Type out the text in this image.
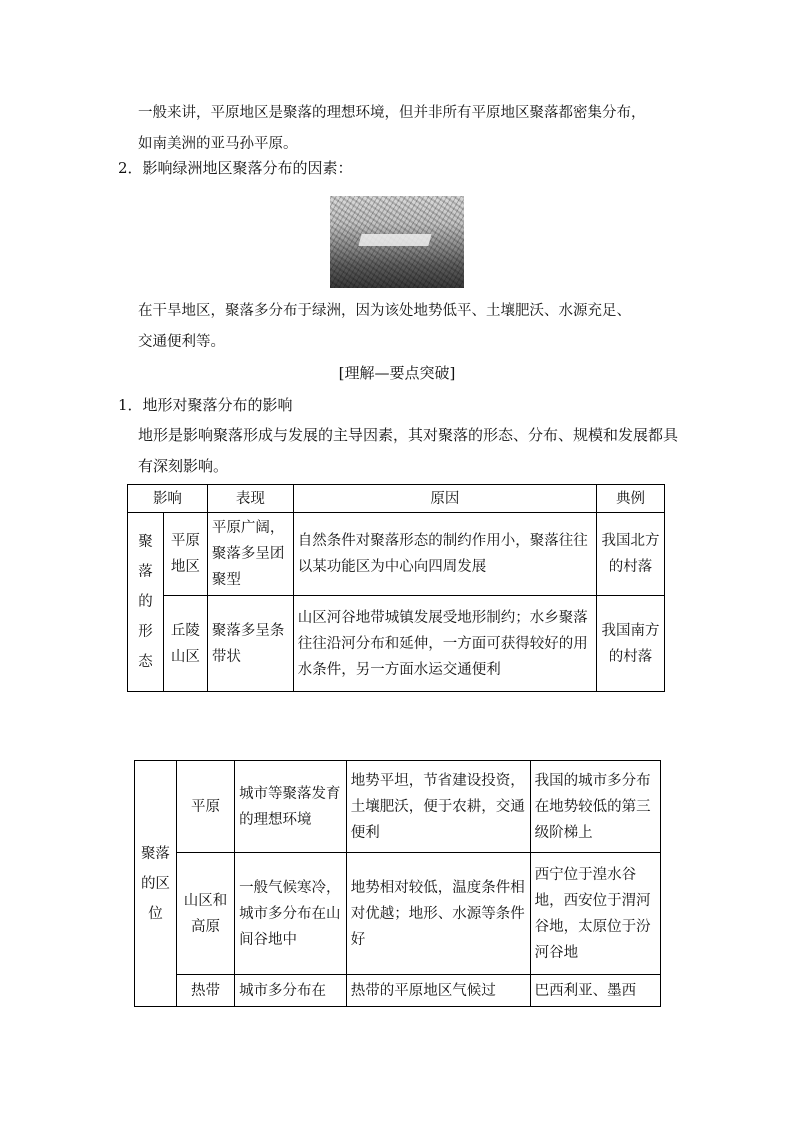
一般来讲，平原地区是聚落的理想环境，但并非所有平原地区聚落都密集分布，
如南美洲的亚马孙平原。
2．影响绿洲地区聚落分布的因素：
在干旱地区，聚落多分布于绿洲，因为该处地势低平、土壤肥沃、水源充足、
交通便利等。
[理解—要点突破]
1．地形对聚落分布的影响
地形是影响聚落形成与发展的主导因素，其对聚落的形态、分布、规模和发展都具有深刻影响。
影响		表现	原因	典例
聚落的形态	平原地区	平原广阔，聚落多呈团聚型	自然条件对聚落形态的制约作用小，聚落往往以某功能区为中心向四周发展	我国北方的村落
	丘陵山区	聚落多呈条带状	山区河谷地带城镇发展受地形制约；水乡聚落往往沿河分布和延伸，一方面可获得较好的用水条件，另一方面水运交通便利	我国南方的村落
聚落的区位	平原	城市等聚落发育的理想环境	地势平坦，节省建设投资，土壤肥沃，便于农耕，交通便利	我国的城市多分布在地势较低的第三级阶梯上
	山区和高原	一般气候寒冷，城市多分布在山间谷地中	地势相对较低，温度条件相对优越；地形、水源等条件好	西宁位于湟水谷地，西安位于渭河谷地，太原位于汾河谷地
	热带	城市多分布在	热带的平原地区气候过	巴西利亚、墨西
